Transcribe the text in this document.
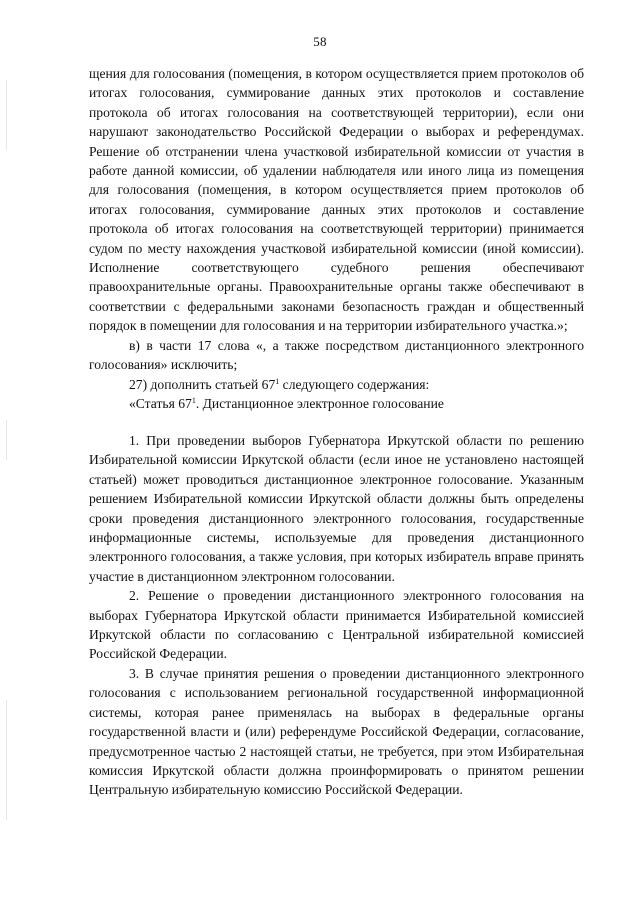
58

щения для голосования (помещения, в котором осуществляется прием протоколов об итогах голосования, суммирование данных этих протоколов и составление протокола об итогах голосования на соответствующей территории), если они нарушают законодательство Российской Федерации о выборах и референдумах. Решение об отстранении члена участковой избирательной комиссии от участия в работе данной комиссии, об удалении наблюдателя или иного лица из помещения для голосования (помещения, в котором осуществляется прием протоколов об итогах голосования, суммирование данных этих протоколов и составление протокола об итогах голосования на соответствующей территории) принимается судом по месту нахождения участковой избирательной комиссии (иной комиссии). Исполнение соответствующего судебного решения обеспечивают правоохранительные органы. Правоохранительные органы также обеспечивают в соответствии с федеральными законами безопасность граждан и общественный порядок в помещении для голосования и на территории избирательного участка.»;

в) в части 17 слова «, а также посредством дистанционного электронного голосования» исключить;

27) дополнить статьей $67^1$ следующего содержания:

«Статья $67^1$. Дистанционное электронное голосование

1. При проведении выборов Губернатора Иркутской области по решению Избирательной комиссии Иркутской области (если иное не установлено настоящей статьей) может проводиться дистанционное электронное голосование. Указанным решением Избирательной комиссии Иркутской области должны быть определены сроки проведения дистанционного электронного голосования, государственные информационные системы, используемые для проведения дистанционного электронного голосования, а также условия, при которых избиратель вправе принять участие в дистанционном электронном голосовании.

2. Решение о проведении дистанционного электронного голосования на выборах Губернатора Иркутской области принимается Избирательной комиссией Иркутской области по согласованию с Центральной избирательной комиссией Российской Федерации.

3. В случае принятия решения о проведении дистанционного электронного голосования с использованием региональной государственной информационной системы, которая ранее применялась на выборах в федеральные органы государственной власти и (или) референдуме Российской Федерации, согласование, предусмотренное частью 2 настоящей статьи, не требуется, при этом Избирательная комиссия Иркутской области должна проинформировать о принятом решении Центральную избирательную комиссию Российской Федерации.
